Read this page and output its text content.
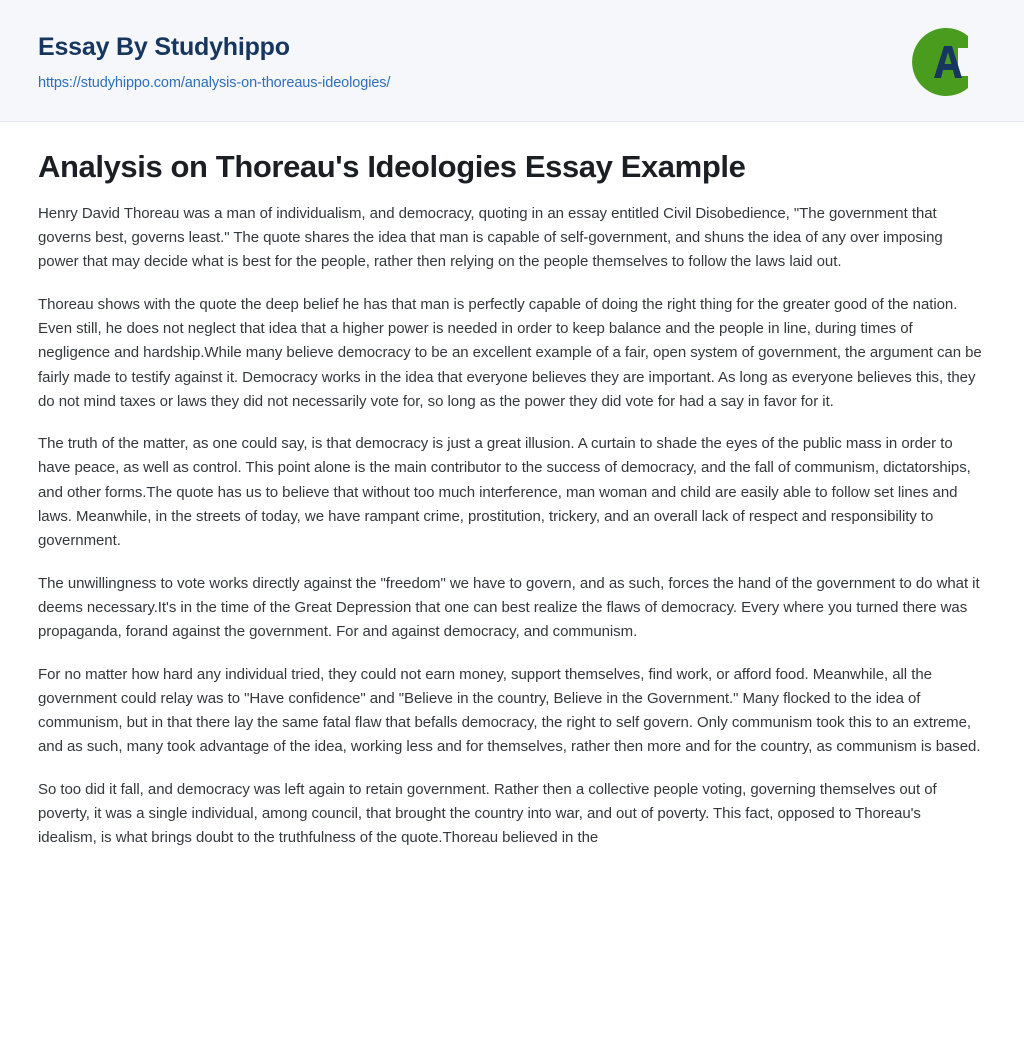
Essay By Studyhippo
https://studyhippo.com/analysis-on-thoreaus-ideologies/
Analysis on Thoreau's Ideologies Essay Example

Henry David Thoreau was a man of individualism, and democracy, quoting in an essay entitled Civil Disobedience, "The government that governs best, governs least." The quote shares the idea that man is capable of self-government, and shuns the idea of any over imposing power that may decide what is best for the people, rather then relying on the people themselves to follow the laws laid out.

Thoreau shows with the quote the deep belief he has that man is perfectly capable of doing the right thing for the greater good of the nation. Even still, he does not neglect that idea that a higher power is needed in order to keep balance and the people in line, during times of negligence and hardship.While many believe democracy to be an excellent example of a fair, open system of government, the argument can be fairly made to testify against it. Democracy works in the idea that everyone believes they are important. As long as everyone believes this, they do not mind taxes or laws they did not necessarily vote for, so long as the power they did vote for had a say in favor for it.

The truth of the matter, as one could say, is that democracy is just a great illusion. A curtain to shade the eyes of the public mass in order to have peace, as well as control. This point alone is the main contributor to the success of democracy, and the fall of communism, dictatorships, and other forms.The quote has us to believe that without too much interference, man woman and child are easily able to follow set lines and laws. Meanwhile, in the streets of today, we have rampant crime, prostitution, trickery, and an overall lack of respect and responsibility to government.

The unwillingness to vote works directly against the "freedom" we have to govern, and as such, forces the hand of the government to do what it deems necessary.It's in the time of the Great Depression that one can best realize the flaws of democracy. Every where you turned there was propaganda, forand against the government. For and against democracy, and communism.

For no matter how hard any individual tried, they could not earn money, support themselves, find work, or afford food. Meanwhile, all the government could relay was to "Have confidence" and "Believe in the country, Believe in the Government." Many flocked to the idea of communism, but in that there lay the same fatal flaw that befalls democracy, the right to self govern. Only communism took this to an extreme, and as such, many took advantage of the idea, working less and for themselves, rather then more and for the country, as communism is based.

So too did it fall, and democracy was left again to retain government. Rather then a collective people voting, governing themselves out of poverty, it was a single individual, among council, that brought the country into war, and out of poverty. This fact, opposed to Thoreau's idealism, is what brings doubt to the truthfulness of the quote.Thoreau believed in the
